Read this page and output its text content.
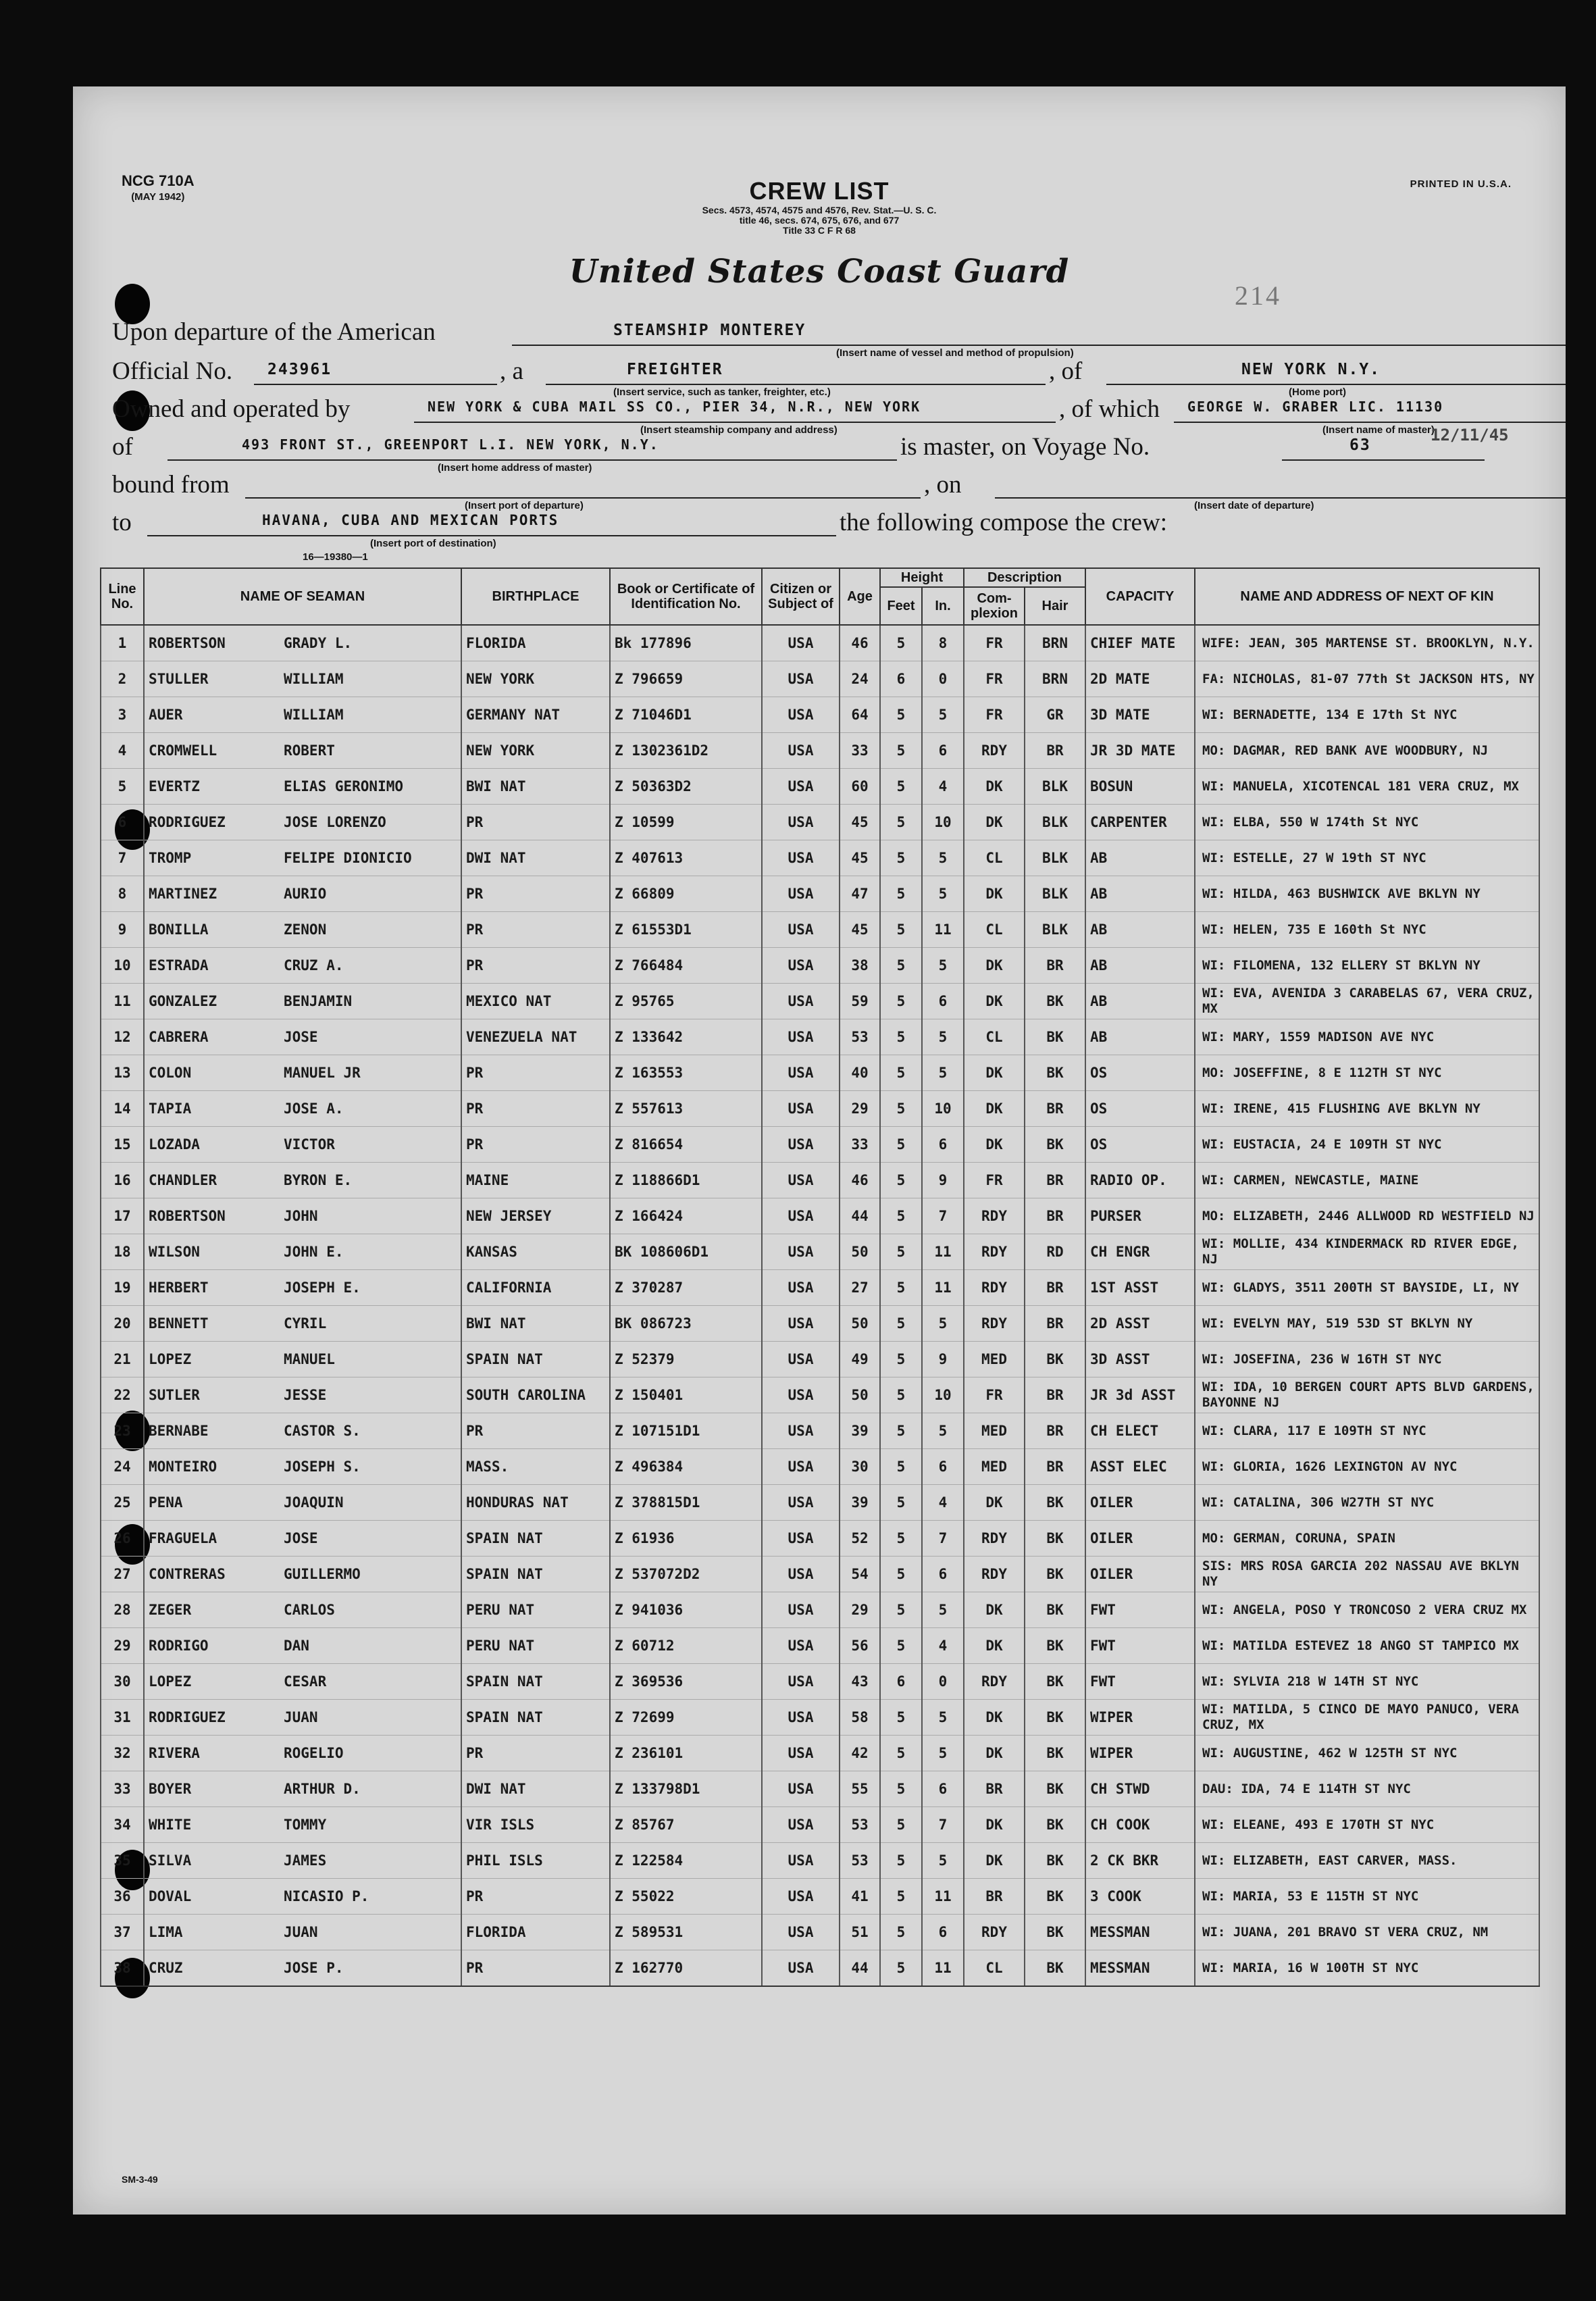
NCG 710A
(MAY 1942)
PRINTED IN U.S.A.
CREW LIST
Secs. 4573, 4574, 4575 and 4576, Rev. Stat.—U. S. C.
title 46, secs. 674, 675, 676, and 677
Title 33 C F R 68
United States Coast Guard
214
Upon departure of the American	STEAMSHIP MONTEREY
(Insert name of vessel and method of propulsion)
Official No.	243961	, a	FREIGHTER
(Insert service, such as tanker, freighter, etc.)
, of	NEW YORK N.Y.
(Home port)
Owned and operated by	NEW YORK & CUBA MAIL SS CO., PIER 34, N.R., NEW YORK
(Insert steamship company and address)
, of which	GEORGE W. GRABER LIC. 11130
(Insert name of master)
of	493 FRONT ST., GREENPORT L.I. NEW YORK, N.Y.
(Insert home address of master)
is master, on Voyage No.	63
12/11/45
bound from
(Insert port of departure)
, on
(Insert date of departure)
to	HAVANA, CUBA AND MEXICAN PORTS
(Insert port of destination)
16—19380—1
the following compose the crew:
Line No.	NAME OF SEAMAN	BIRTHPLACE	Book or Certificate of Identification No.	Citizen or Subject of	Age	Height		Description		CAPACITY	NAME AND ADDRESS OF NEXT OF KIN
						Feet	In.	Com-plexion	Hair		
1	ROBERTSON GRADY L.	FLORIDA	Bk 177896	USA	46	5	8	FR	BRN	CHIEF MATE	WIFE: JEAN, 305 MARTENSE ST. BROOKLYN, N.Y.
2	STULLER WILLIAM	NEW YORK	Z 796659	USA	24	6	0	FR	BRN	2D MATE	FA: NICHOLAS, 81-07 77th St JACKSON HTS, NY
3	AUER WILLIAM	GERMANY NAT	Z 71046D1	USA	64	5	5	FR	GR	3D MATE	WI: BERNADETTE, 134 E 17th St NYC
4	CROMWELL ROBERT	NEW YORK	Z 1302361D2	USA	33	5	6	RDY	BR	JR 3D MATE	MO: DAGMAR, RED BANK AVE WOODBURY, NJ
5	EVERTZ ELIAS GERONIMO	BWI NAT	Z 50363D2	USA	60	5	4	DK	BLK	BOSUN	WI: MANUELA, XICOTENCAL 181 VERA CRUZ, MX
6	RODRIGUEZ JOSE LORENZO	PR	Z 10599	USA	45	5	10	DK	BLK	CARPENTER	WI: ELBA, 550 W 174th St NYC
7	TROMP FELIPE DIONICIO	DWI NAT	Z 407613	USA	45	5	5	CL	BLK	AB	WI: ESTELLE, 27 W 19th ST NYC
8	MARTINEZ AURIO	PR	Z 66809	USA	47	5	5	DK	BLK	AB	WI: HILDA, 463 BUSHWICK AVE BKLYN NY
9	BONILLA ZENON	PR	Z 61553D1	USA	45	5	11	CL	BLK	AB	WI: HELEN, 735 E 160th St NYC
10	ESTRADA CRUZ A.	PR	Z 766484	USA	38	5	5	DK	BR	AB	WI: FILOMENA, 132 ELLERY ST BKLYN NY
11	GONZALEZ BENJAMIN	MEXICO NAT	Z 95765	USA	59	5	6	DK	BK	AB	WI: EVA, AVENIDA 3 CARABELAS 67, VERA CRUZ, MX
12	CABRERA JOSE	VENEZUELA NAT	Z 133642	USA	53	5	5	CL	BK	AB	WI: MARY, 1559 MADISON AVE NYC
13	COLON MANUEL JR	PR	Z 163553	USA	40	5	5	DK	BK	OS	MO: JOSEFFINE, 8 E 112TH ST NYC
14	TAPIA JOSE A.	PR	Z 557613	USA	29	5	10	DK	BR	OS	WI: IRENE, 415 FLUSHING AVE BKLYN NY
15	LOZADA VICTOR	PR	Z 816654	USA	33	5	6	DK	BK	OS	WI: EUSTACIA, 24 E 109TH ST NYC
16	CHANDLER BYRON E.	MAINE	Z 118866D1	USA	46	5	9	FR	BR	RADIO OP.	WI: CARMEN, NEWCASTLE, MAINE
17	ROBERTSON JOHN	NEW JERSEY	Z 166424	USA	44	5	7	RDY	BR	PURSER	MO: ELIZABETH, 2446 ALLWOOD RD WESTFIELD NJ
18	WILSON JOHN E.	KANSAS	BK 108606D1	USA	50	5	11	RDY	RD	CH ENGR	WI: MOLLIE, 434 KINDERMACK RD RIVER EDGE, NJ
19	HERBERT JOSEPH E.	CALIFORNIA	Z 370287	USA	27	5	11	RDY	BR	1ST ASST	WI: GLADYS, 3511 200TH ST BAYSIDE, LI, NY
20	BENNETT CYRIL	BWI NAT	BK 086723	USA	50	5	5	RDY	BR	2D ASST	WI: EVELYN MAY, 519 53D ST BKLYN NY
21	LOPEZ MANUEL	SPAIN NAT	Z 52379	USA	49	5	9	MED	BK	3D ASST	WI: JOSEFINA, 236 W 16TH ST NYC
22	SUTLER JESSE	SOUTH CAROLINA	Z 150401	USA	50	5	10	FR	BR	JR 3d ASST	WI: IDA, 10 BERGEN COURT APTS BLVD GARDENS, BAYONNE NJ
23	BERNABE CASTOR S.	PR	Z 107151D1	USA	39	5	5	MED	BR	CH ELECT	WI: CLARA, 117 E 109TH ST NYC
24	MONTEIRO JOSEPH S.	MASS.	Z 496384	USA	30	5	6	MED	BR	ASST ELEC	WI: GLORIA, 1626 LEXINGTON AV NYC
25	PENA JOAQUIN	HONDURAS NAT	Z 378815D1	USA	39	5	4	DK	BK	OILER	WI: CATALINA, 306 W27TH ST NYC
26	FRAGUELA JOSE	SPAIN NAT	Z 61936	USA	52	5	7	RDY	BK	OILER	MO: GERMAN, CORUNA, SPAIN
27	CONTRERAS GUILLERMO	SPAIN NAT	Z 537072D2	USA	54	5	6	RDY	BK	OILER	SIS: MRS ROSA GARCIA 202 NASSAU AVE BKLYN NY
28	ZEGER CARLOS	PERU NAT	Z 941036	USA	29	5	5	DK	BK	FWT	WI: ANGELA, POSO Y TRONCOSO 2 VERA CRUZ MX
29	RODRIGO DAN	PERU NAT	Z 60712	USA	56	5	4	DK	BK	FWT	WI: MATILDA ESTEVEZ 18 ANGO ST TAMPICO MX
30	LOPEZ CESAR	SPAIN NAT	Z 369536	USA	43	6	0	RDY	BK	FWT	WI: SYLVIA 218 W 14TH ST NYC
31	RODRIGUEZ JUAN	SPAIN NAT	Z 72699	USA	58	5	5	DK	BK	WIPER	WI: MATILDA, 5 CINCO DE MAYO PANUCO, VERA CRUZ, MX
32	RIVERA ROGELIO	PR	Z 236101	USA	42	5	5	DK	BK	WIPER	WI: AUGUSTINE, 462 W 125TH ST NYC
33	BOYER ARTHUR D.	DWI NAT	Z 133798D1	USA	55	5	6	BR	BK	CH STWD	DAU: IDA, 74 E 114TH ST NYC
34	WHITE TOMMY	VIR ISLS	Z 85767	USA	53	5	7	DK	BK	CH COOK	WI: ELEANE, 493 E 170TH ST NYC
35	SILVA JAMES	PHIL ISLS	Z 122584	USA	53	5	5	DK	BK	2 CK BKR	WI: ELIZABETH, EAST CARVER, MASS.
36	DOVAL NICASIO P.	PR	Z 55022	USA	41	5	11	BR	BK	3 COOK	WI: MARIA, 53 E 115TH ST NYC
37	LIMA JUAN	FLORIDA	Z 589531	USA	51	5	6	RDY	BK	MESSMAN	WI: JUANA, 201 BRAVO ST VERA CRUZ, NM
38	CRUZ JOSE P.	PR	Z 162770	USA	44	5	11	CL	BK	MESSMAN	WI: MARIA, 16 W 100TH ST NYC
SM-3-49
